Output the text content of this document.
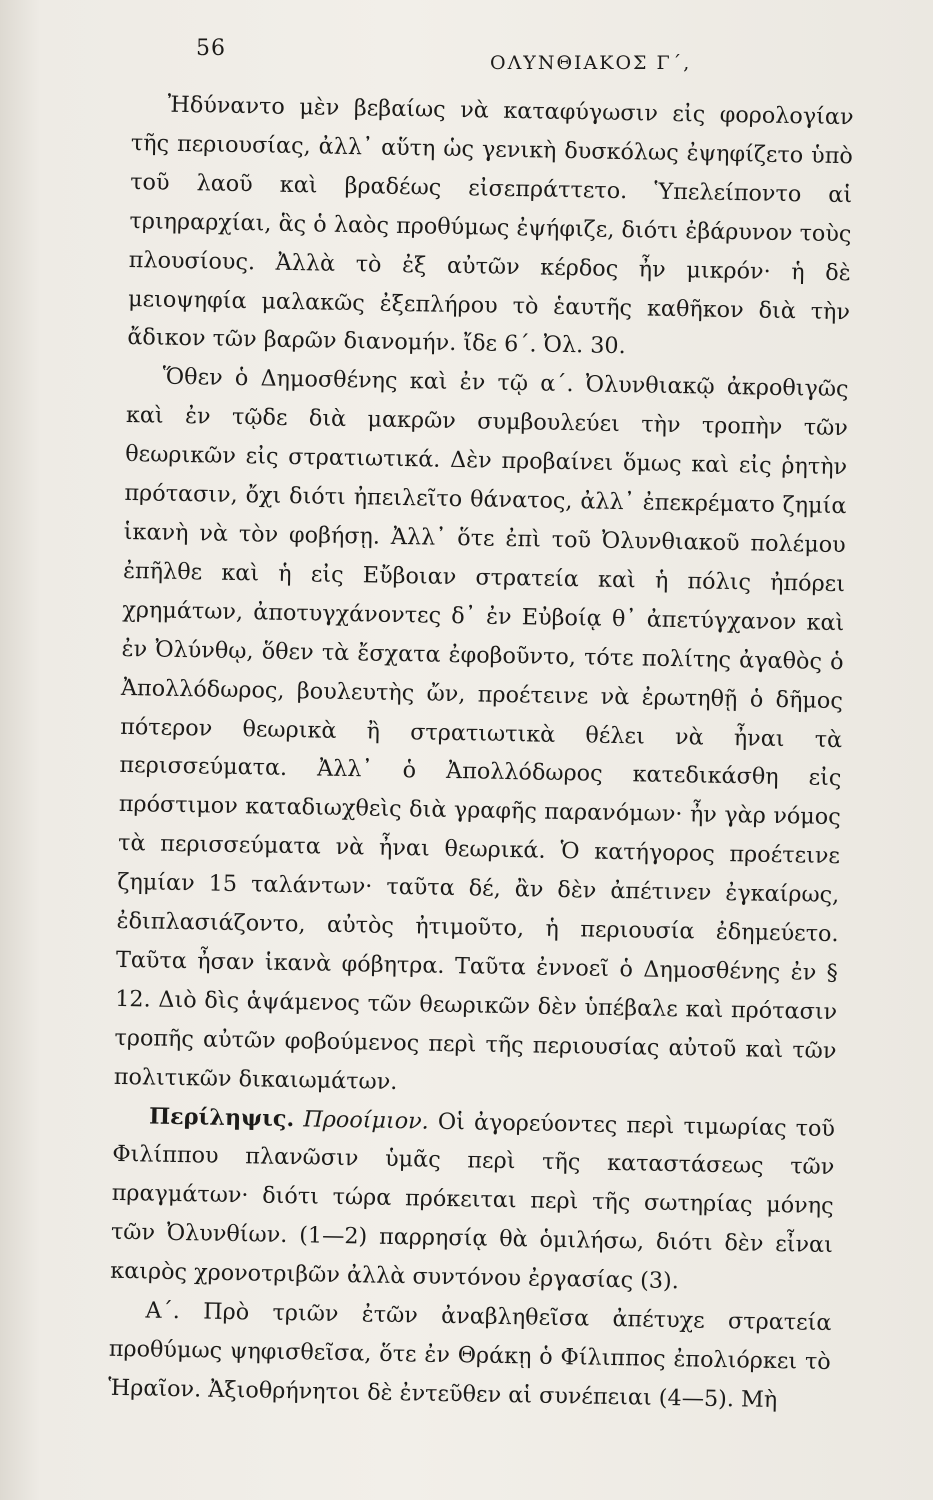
56
ΟΛΥΝΘΙΑΚΟΣ Γ΄,

Ἠδύναντο μὲν βεβαίως νὰ καταφύγωσιν εἰς φορολογίαν τῆς περιουσίας, ἀλλ᾽ αὕτη ὡς γενικὴ δυσκόλως ἐψηφίζετο ὑπὸ τοῦ λαοῦ καὶ βραδέως εἰσεπράττετο. Ὑπελείποντο αἱ τριηραρχίαι, ἃς ὁ λαὸς προθύμως ἐψήφιζε, διότι ἐβάρυνον τοὺς πλουσίους. Ἀλλὰ τὸ ἐξ αὐτῶν κέρδος ἦν μικρόν· ἡ δὲ μειοψηφία μαλακῶς ἐξεπλήρου τὸ ἑαυτῆς καθῆκον διὰ τὴν ἄδικον τῶν βαρῶν διανομήν. ἴδε 6΄. Ὀλ. 30.

Ὅθεν ὁ Δημοσθένης καὶ ἐν τῷ α΄. Ὀλυνθιακῷ ἀκροθιγῶς καὶ ἐν τῷδε διὰ μακρῶν συμβουλεύει τὴν τροπὴν τῶν θεωρικῶν εἰς στρατιωτικά. Δὲν προβαίνει ὅμως καὶ εἰς ῥητὴν πρότασιν, ὄχι διότι ἠπειλεῖτο θάνατος, ἀλλ᾽ ἐπεκρέματο ζημία ἱκανὴ νὰ τὸν φοβήσῃ. Ἀλλ᾽ ὅτε ἐπὶ τοῦ Ὀλυνθιακοῦ πολέμου ἐπῆλθε καὶ ἡ εἰς Εὔβοιαν στρατεία καὶ ἡ πόλις ἠπόρει χρημάτων, ἀποτυγχάνοντες δ᾽ ἐν Εὐβοίᾳ θ᾽ ἀπετύγχανον καὶ ἐν Ὀλύνθῳ, ὅθεν τὰ ἔσχατα ἐφοβοῦντο, τότε πολίτης ἀγαθὸς ὁ Ἀπολλόδωρος, βουλευτὴς ὤν, προέτεινε νὰ ἐρωτηθῇ ὁ δῆμος πότερον θεωρικὰ ἢ στρατιωτικὰ θέλει νὰ ἦναι τὰ περισσεύματα. Ἀλλ᾽ ὁ Ἀπολλόδωρος κατεδικάσθη εἰς πρόστιμον καταδιωχθεὶς διὰ γραφῆς παρανόμων· ἦν γὰρ νόμος τὰ περισσεύματα νὰ ἦναι θεωρικά. Ὁ κατήγορος προέτεινε ζημίαν 15 ταλάντων· ταῦτα δέ, ἂν δὲν ἀπέτινεν ἐγκαίρως, ἐδιπλασιάζοντο, αὐτὸς ἠτιμοῦτο, ἡ περιουσία ἐδημεύετο. Ταῦτα ἦσαν ἱκανὰ φόβητρα. Ταῦτα ἐννοεῖ ὁ Δημοσθένης ἐν § 12. Διὸ δὶς ἁψάμενος τῶν θεωρικῶν δὲν ὑπέβαλε καὶ πρότασιν τροπῆς αὐτῶν φοβούμενος περὶ τῆς περιουσίας αὐτοῦ καὶ τῶν πολιτικῶν δικαιωμάτων.

Περίληψις. Προοίμιον. Οἱ ἀγορεύοντες περὶ τιμωρίας τοῦ Φιλίππου πλανῶσιν ὑμᾶς περὶ τῆς καταστάσεως τῶν πραγμάτων· διότι τώρα πρόκειται περὶ τῆς σωτηρίας μόνης τῶν Ὀλυνθίων. (1—2) παρρησίᾳ θὰ ὁμιλήσω, διότι δὲν εἶναι καιρὸς χρονοτριβῶν ἀλλὰ συντόνου ἐργασίας (3).

Α΄. Πρὸ τριῶν ἐτῶν ἀναβληθεῖσα ἀπέτυχε στρατεία προθύμως ψηφισθεῖσα, ὅτε ἐν Θράκῃ ὁ Φίλιππος ἐπολιόρκει τὸ Ἡραῖον. Ἀξιοθρήνητοι δὲ ἐντεῦθεν αἱ συνέπειαι (4—5). Μὴ
